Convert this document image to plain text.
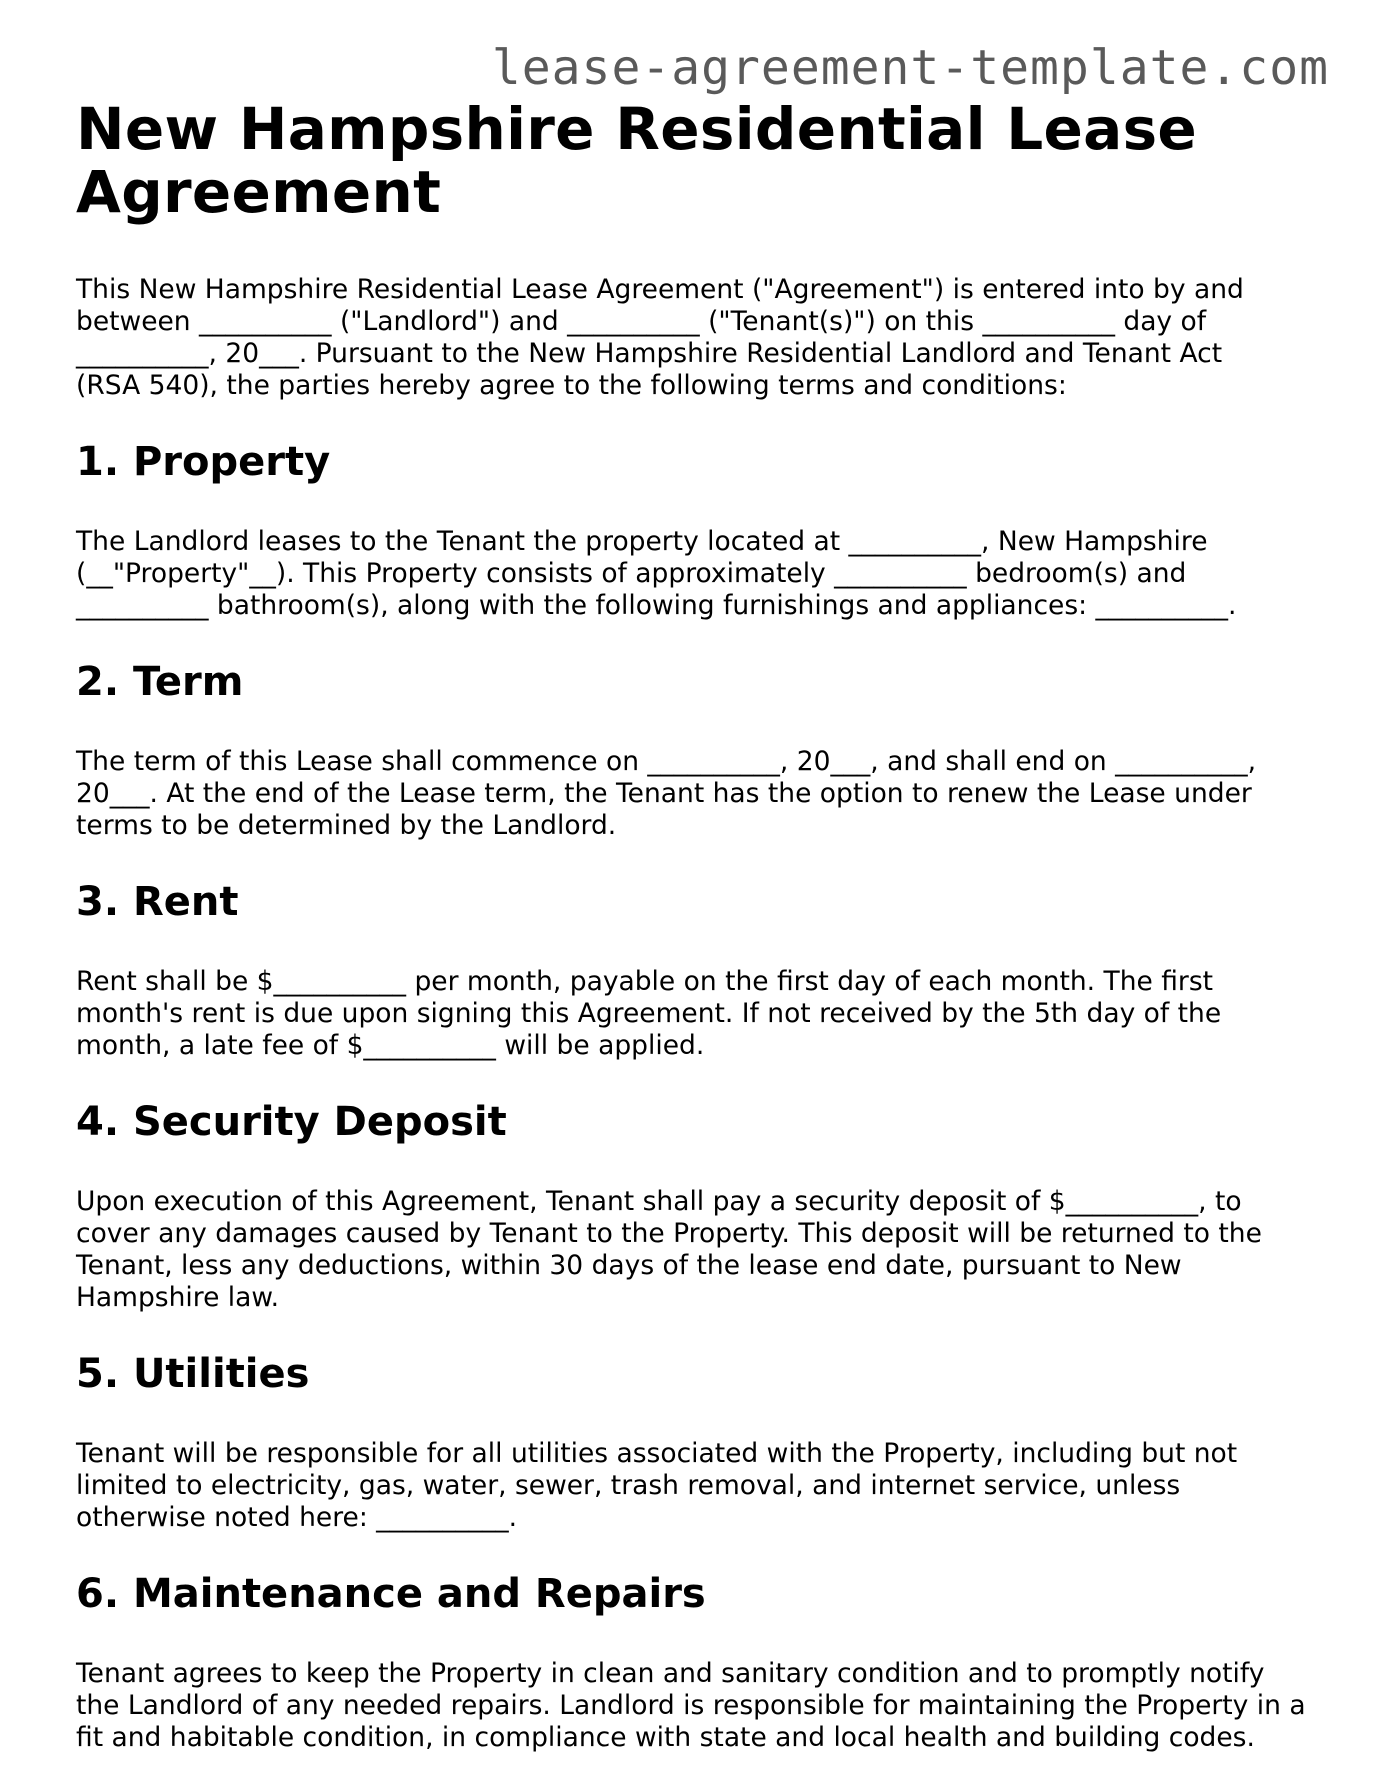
lease-agreement-template.com
New Hampshire Residential Lease Agreement

This New Hampshire Residential Lease Agreement ("Agreement") is entered into by and between __________ ("Landlord") and __________ ("Tenant(s)") on this __________ day of __________, 20___. Pursuant to the New Hampshire Residential Landlord and Tenant Act (RSA 540), the parties hereby agree to the following terms and conditions:

1. Property

The Landlord leases to the Tenant the property located at __________, New Hampshire (__"Property"__). This Property consists of approximately __________ bedroom(s) and __________ bathroom(s), along with the following furnishings and appliances: __________.

2. Term

The term of this Lease shall commence on __________, 20___, and shall end on __________, 20___. At the end of the Lease term, the Tenant has the option to renew the Lease under terms to be determined by the Landlord.

3. Rent

Rent shall be $__________ per month, payable on the first day of each month. The first month's rent is due upon signing this Agreement. If not received by the 5th day of the month, a late fee of $__________ will be applied.

4. Security Deposit

Upon execution of this Agreement, Tenant shall pay a security deposit of $__________, to cover any damages caused by Tenant to the Property. This deposit will be returned to the Tenant, less any deductions, within 30 days of the lease end date, pursuant to New Hampshire law.

5. Utilities

Tenant will be responsible for all utilities associated with the Property, including but not limited to electricity, gas, water, sewer, trash removal, and internet service, unless otherwise noted here: __________.

6. Maintenance and Repairs

Tenant agrees to keep the Property in clean and sanitary condition and to promptly notify the Landlord of any needed repairs. Landlord is responsible for maintaining the Property in a fit and habitable condition, in compliance with state and local health and building codes.
